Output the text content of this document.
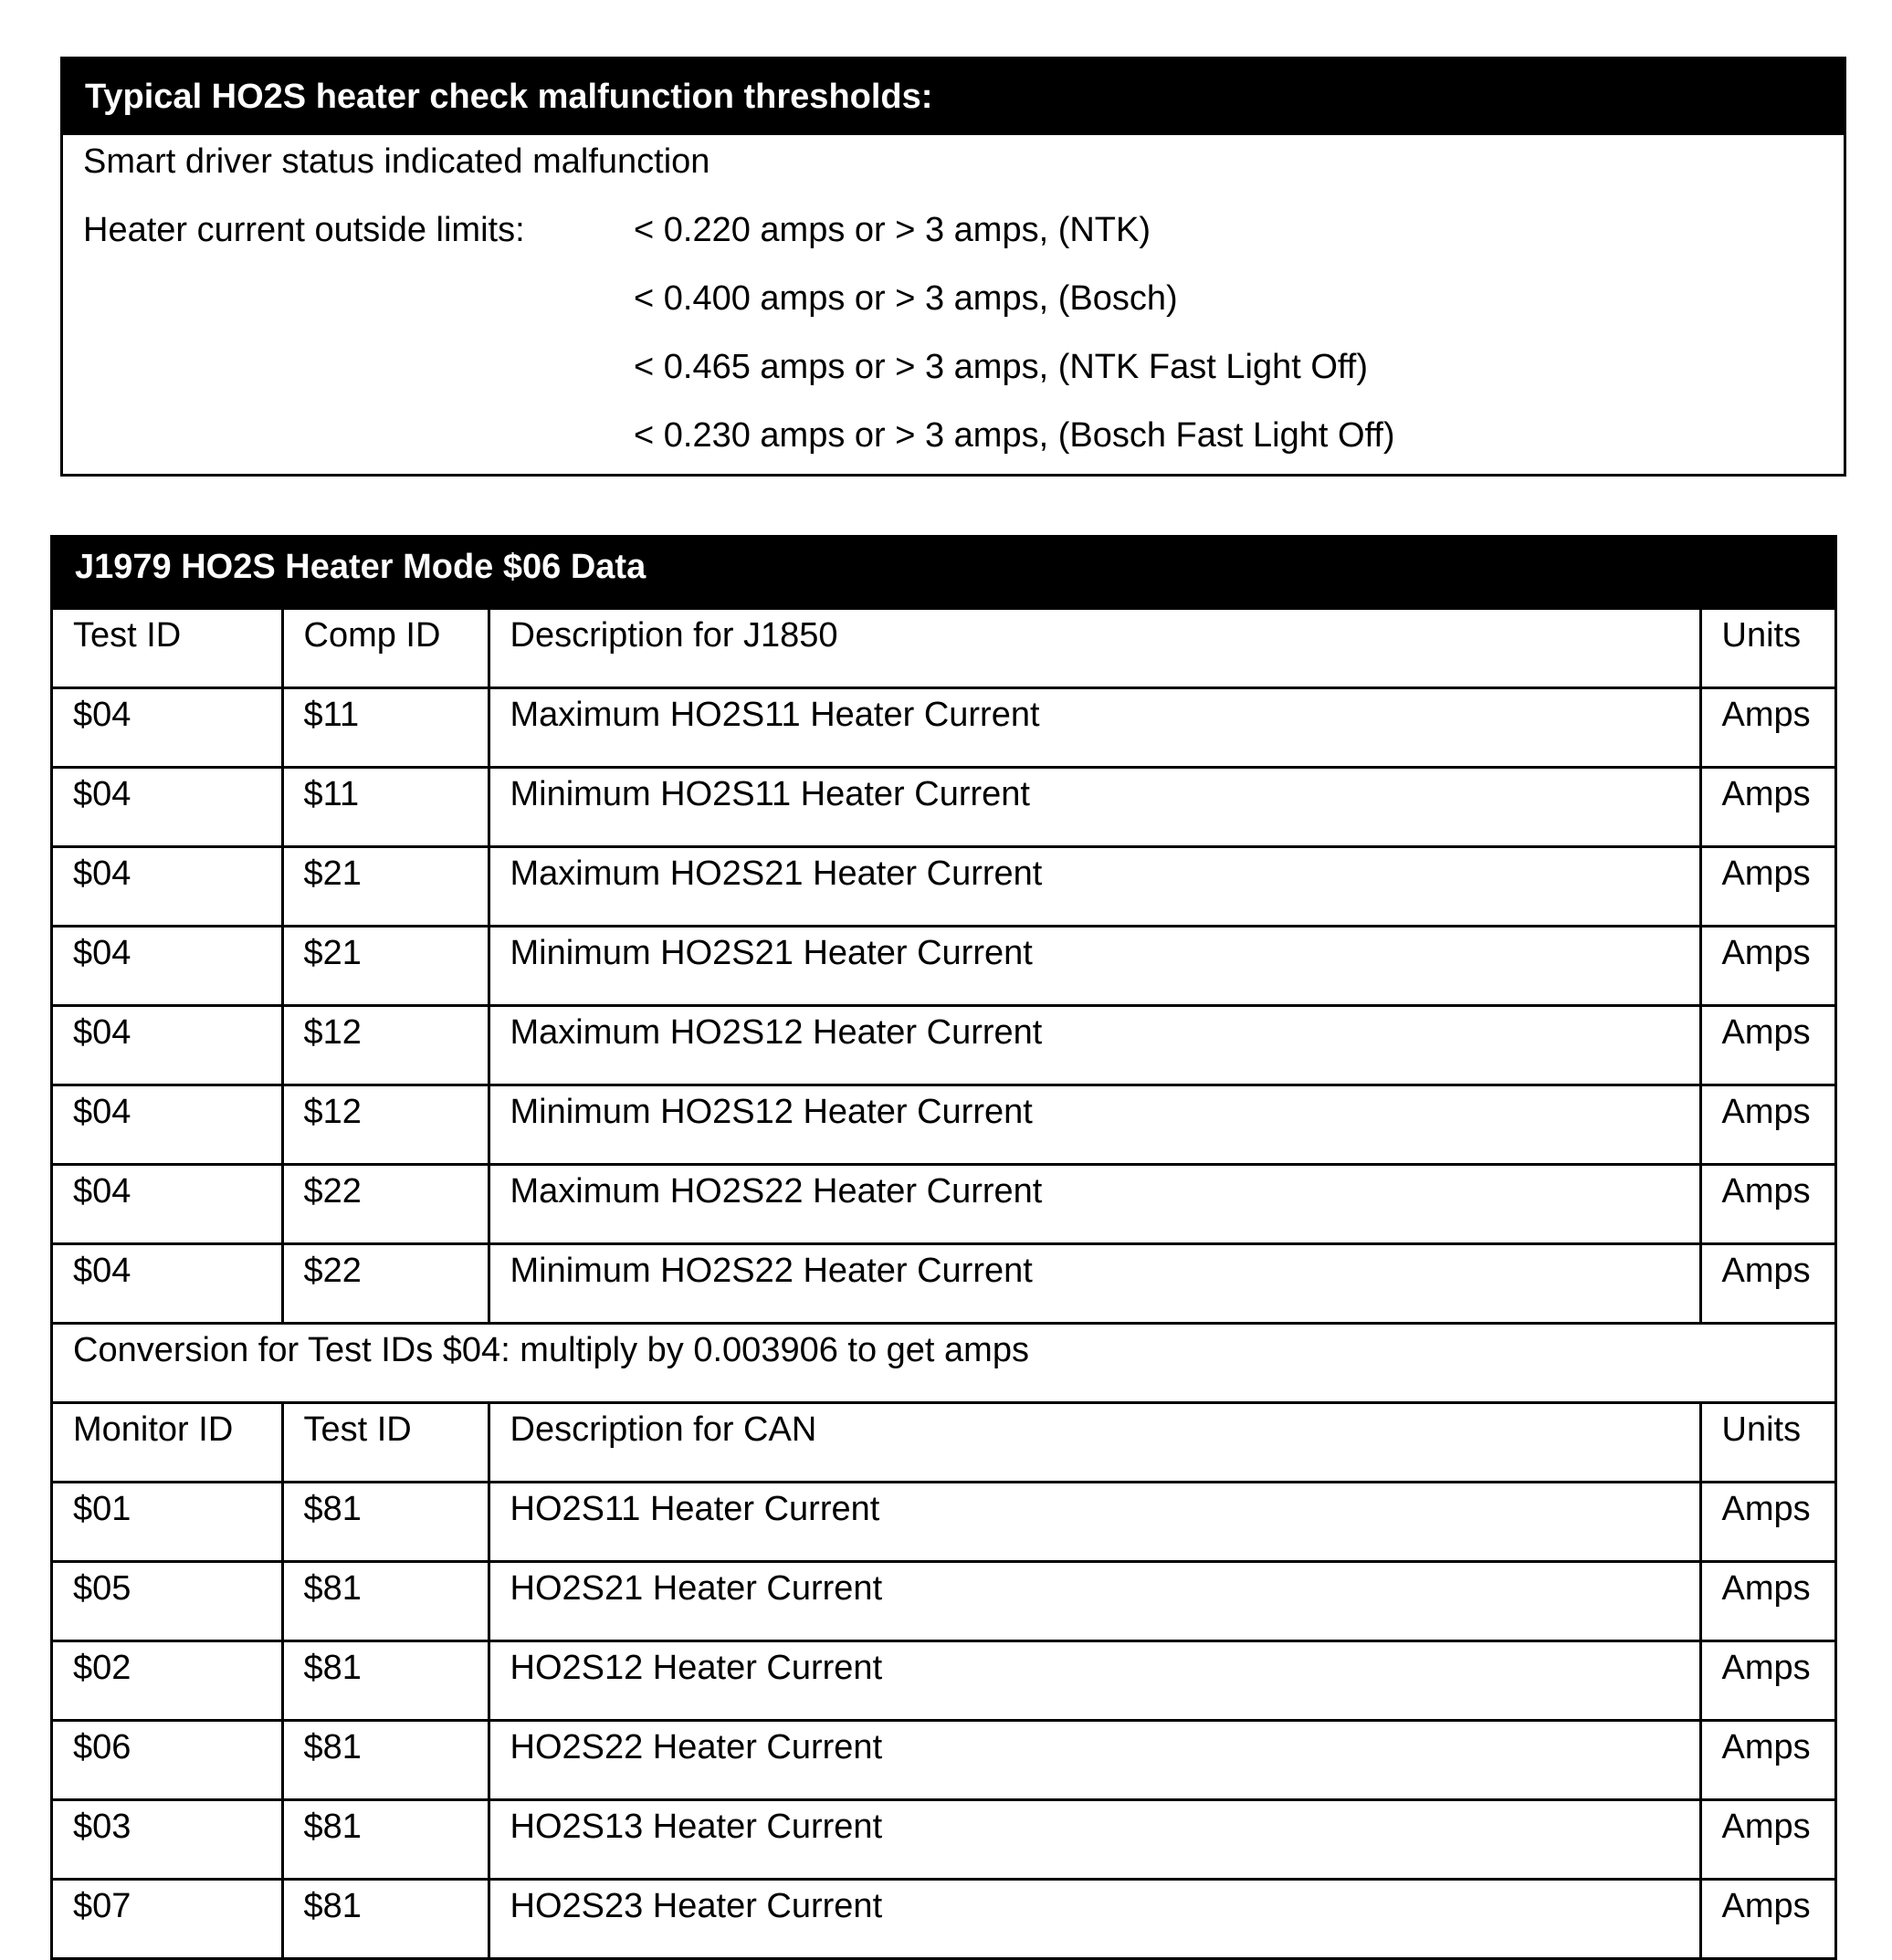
Typical HO2S heater check malfunction thresholds:
Smart driver status indicated malfunction
Heater current outside limits:	< 0.220 amps or > 3 amps, (NTK)
< 0.400 amps or > 3 amps, (Bosch)
< 0.465 amps or > 3 amps, (NTK Fast Light Off)
< 0.230 amps or > 3 amps, (Bosch Fast Light Off)
J1979 HO2S Heater Mode $06 Data
Test ID	Comp ID	Description for J1850	Units
$04	$11	Maximum HO2S11 Heater Current	Amps
$04	$11	Minimum HO2S11 Heater Current	Amps
$04	$21	Maximum HO2S21 Heater Current	Amps
$04	$21	Minimum HO2S21 Heater Current	Amps
$04	$12	Maximum HO2S12 Heater Current	Amps
$04	$12	Minimum HO2S12 Heater Current	Amps
$04	$22	Maximum HO2S22 Heater Current	Amps
$04	$22	Minimum HO2S22 Heater Current	Amps
Conversion for Test IDs $04: multiply by 0.003906 to get amps			
Monitor ID	Test ID	Description for CAN	Units
$01	$81	HO2S11 Heater Current	Amps
$05	$81	HO2S21 Heater Current	Amps
$02	$81	HO2S12 Heater Current	Amps
$06	$81	HO2S22 Heater Current	Amps
$03	$81	HO2S13 Heater Current	Amps
$07	$81	HO2S23 Heater Current	Amps
